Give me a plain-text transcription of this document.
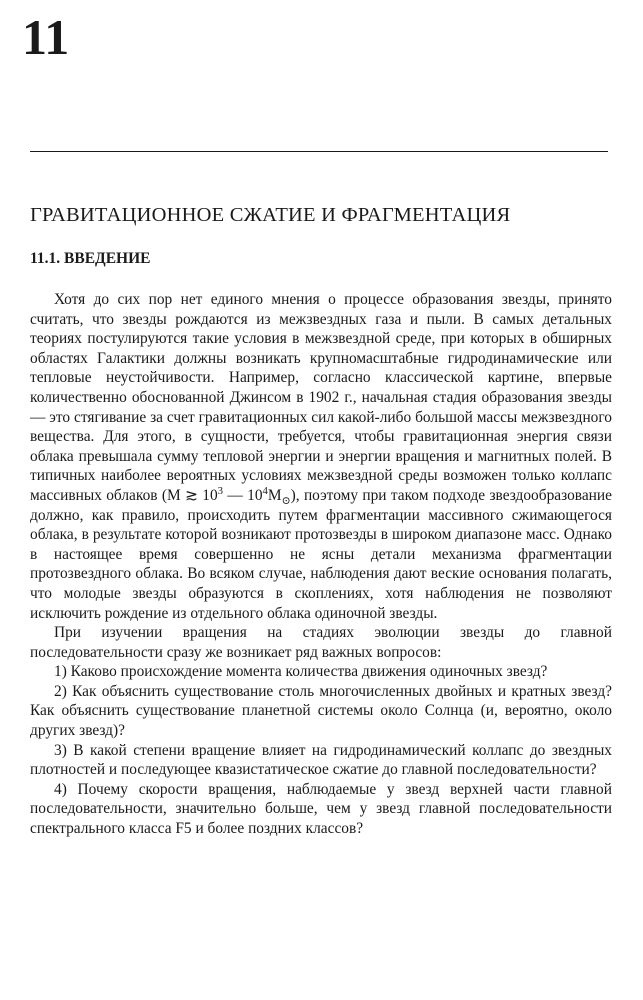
11
ГРАВИТАЦИОННОЕ СЖАТИЕ И ФРАГМЕНТАЦИЯ
11.1. ВВЕДЕНИЕ

Хотя до сих пор нет единого мнения о процессе образования звезды, принято считать, что звезды рождаются из межзвездных газа и пыли. В самых детальных теориях постулируются такие условия в межзвездной среде, при которых в обширных областях Галактики должны возникать крупномасштабные гидродинамические или тепловые неустойчивости. Например, согласно классической картине, впервые количественно обоснованной Джинсом в 1902 г., начальная стадия образования звезды — это стягивание за счет гравитационных сил какой-либо большой массы межзвездного вещества. Для этого, в сущности, требуется, чтобы гравитационная энергия связи облака превышала сумму тепловой энергии и энергии вращения и магнитных полей. В типичных наиболее вероятных условиях межзвездной среды возможен только коллапс массивных облаков (M ≳ $10^3$ — $10^4M_⊙$), поэтому при таком подходе звездообразование должно, как правило, происходить путем фрагментации массивного сжимающегося облака, в результате которой возникают протозвезды в широком диапазоне масс. Однако в настоящее время совершенно не ясны детали механизма фрагментации протозвездного облака. Во всяком случае, наблюдения дают веские основания полагать, что молодые звезды образуются в скоплениях, хотя наблюдения не позволяют исключить рождение из отдельного облака одиночной звезды.

При изучении вращения на стадиях эволюции звезды до главной последовательности сразу же возникает ряд важных вопросов:

1) Каково происхождение момента количества движения одиночных звезд?
2) Как объяснить существование столь многочисленных двойных и кратных звезд? Как объяснить существование планетной системы около Солнца (и, вероятно, около других звезд)?
3) В какой степени вращение влияет на гидродинамический коллапс до звездных плотностей и последующее квазистатическое сжатие до главной последовательности?
4) Почему скорости вращения, наблюдаемые у звезд верхней части главной последовательности, значительно больше, чем у звезд главной последовательности спектрального класса F5 и более поздних классов?
